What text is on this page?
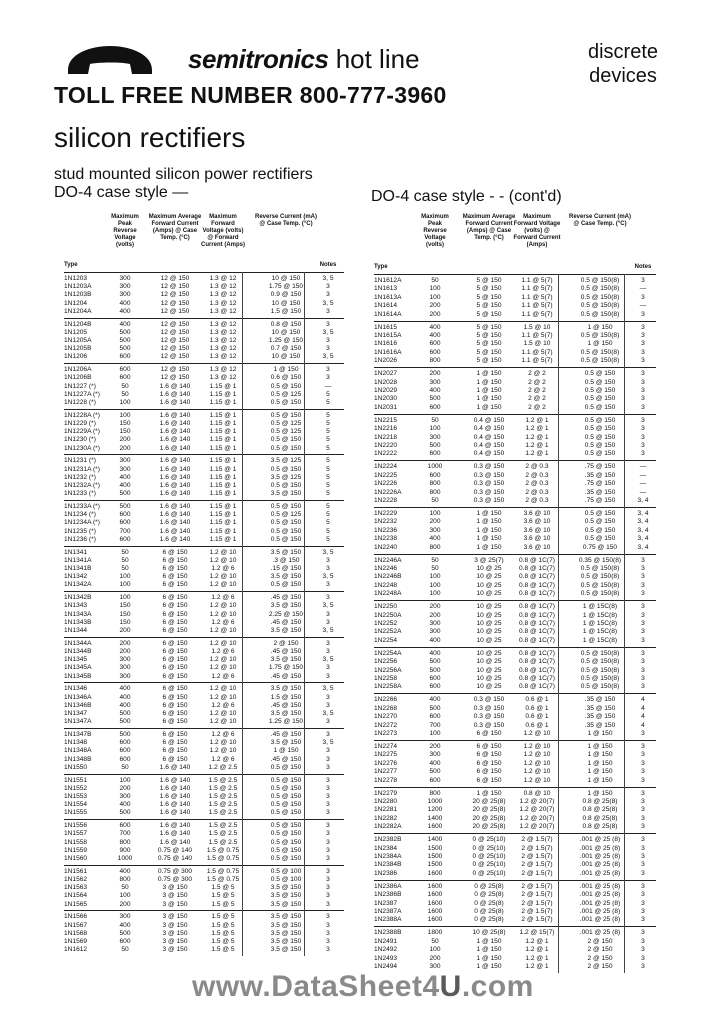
semitronics hot line
TOLL FREE NUMBER 800-777-3960
discrete
devices
silicon rectifiers
stud mounted silicon power rectifiers
DO-4 case style —	DO-4 case style - - (cont'd)
Type
Maximum Peak Reverse Voltage (volts)
Maximum Average Forward Current (Amps) @ Case Temp. (°C)
Maximum Forward Voltage (volts) @ Forward Current (Amps)
Reverse Current (mA) @ Case Temp. (°C)
Notes
1N1203	300	12 @ 150	1.3 @ 12	10 @ 150	3, 5
1N1203A	300	12 @ 150	1.3 @ 12	1.75 @ 150	3
1N1203B	300	12 @ 150	1.3 @ 12	0.9 @ 150	3
1N1204	400	12 @ 150	1.3 @ 12	10 @ 150	3, 5
1N1204A	400	12 @ 150	1.3 @ 12	1.5 @ 150	3
1N1204B	400	12 @ 150	1.3 @ 12	0.8 @ 150	3
1N1205	500	12 @ 150	1.3 @ 12	10 @ 150	3, 5
1N1205A	500	12 @ 150	1.3 @ 12	1.25 @ 150	3
1N1205B	500	12 @ 150	1.3 @ 12	0.7 @ 150	3
1N1206	600	12 @ 150	1.3 @ 12	10 @ 150	3, 5
1N1206A	600	12 @ 150	1.3 @ 12	1 @ 150	3
1N1206B	600	12 @ 150	1.3 @ 12	0.6 @ 150	3
1N1227 (*)	50	1.6 @ 140	1.15 @ 1	0.5 @ 150	—
1N1227A (*)	50	1.6 @ 140	1.15 @ 1	0.5 @ 125	5
1N1228 (*)	100	1.6 @ 140	1.15 @ 1	0.5 @ 150	5
1N1228A (*)	100	1.6 @ 140	1.15 @ 1	0.5 @ 150	5
1N1229 (*)	150	1.6 @ 140	1.15 @ 1	0.5 @ 125	5
1N1229A (*)	150	1.6 @ 140	1.15 @ 1	0.5 @ 125	5
1N1230 (*)	200	1.6 @ 140	1.15 @ 1	0.5 @ 150	5
1N1230A (*)	200	1.6 @ 140	1.15 @ 1	0.5 @ 150	5
1N1231 (*)	300	1.6 @ 140	1.15 @ 1	3.5 @ 125	5
1N1231A (*)	300	1.6 @ 140	1.15 @ 1	0.5 @ 150	5
1N1232 (*)	400	1.6 @ 140	1.15 @ 1	3.5 @ 125	5
1N1232A (*)	400	1.6 @ 140	1.15 @ 1	0.5 @ 150	5
1N1233 (*)	500	1.6 @ 140	1.15 @ 1	3.5 @ 150	5
1N1233A (*)	500	1.6 @ 140	1.15 @ 1	0.5 @ 150	5
1N1234 (*)	600	1.6 @ 140	1.15 @ 1	0.5 @ 125	5
1N1234A (*)	600	1.6 @ 140	1.15 @ 1	0.5 @ 150	5
1N1235 (*)	700	1.6 @ 140	1.15 @ 1	0.5 @ 150	5
1N1236 (*)	600	1.6 @ 140	1.15 @ 1	0.5 @ 150	5
1N1341	50	6 @ 150	1.2 @ 10	3.5 @ 150	3, 5
1N1341A	50	6 @ 150	1.2 @ 10	.3 @ 150	3
1N1341B	50	6 @ 150	1.2 @ 6	.15 @ 150	3
1N1342	100	6 @ 150	1.2 @ 10	3.5 @ 150	3, 5
1N1342A	100	6 @ 150	1.2 @ 10	0.5 @ 150	3
1N1342B	100	6 @ 150	1.2 @ 6	.45 @ 150	3
1N1343	150	6 @ 150	1.2 @ 10	3.5 @ 150	3, 5
1N1343A	150	6 @ 150	1.2 @ 10	2.25 @ 150	3
1N1343B	150	6 @ 150	1.2 @ 6	.45 @ 150	3
1N1344	200	6 @ 150	1.2 @ 10	3.5 @ 150	3, 5
1N1344A	200	6 @ 150	1.2 @ 10	2 @ 150	3
1N1344B	200	6 @ 150	1.2 @ 6	.45 @ 150	3
1N1345	300	6 @ 150	1.2 @ 10	3.5 @ 150	3, 5
1N1345A	300	6 @ 150	1.2 @ 10	1.75 @ 150	3
1N1345B	300	6 @ 150	1.2 @ 6	.45 @ 150	3
1N1346	400	6 @ 150	1.2 @ 10	3.5 @ 150	3, 5
1N1346A	400	6 @ 150	1.2 @ 10	1.5 @ 150	3
1N1346B	400	6 @ 150	1.2 @ 6	.45 @ 150	3
1N1347	500	6 @ 150	1.2 @ 10	3.5 @ 150	3, 5
1N1347A	500	6 @ 150	1.2 @ 10	1.25 @ 150	3
1N1347B	500	6 @ 150	1.2 @ 6	.45 @ 150	3
1N1348	600	6 @ 150	1.2 @ 10	3.5 @ 150	3, 5
1N1348A	600	6 @ 150	1.2 @ 10	1 @ 150	3
1N1348B	600	6 @ 150	1.2 @ 6	.45 @ 150	3
1N1550	50	1.6 @ 140	1.2 @ 2.5	0.5 @ 150	3
1N1551	100	1.6 @ 140	1.5 @ 2.5	0.5 @ 150	3
1N1552	200	1.6 @ 140	1.5 @ 2.5	0.5 @ 150	3
1N1553	300	1.6 @ 140	1.5 @ 2.5	0.5 @ 150	3
1N1554	400	1.6 @ 140	1.5 @ 2.5	0.5 @ 150	3
1N1555	500	1.6 @ 140	1.5 @ 2.5	0.5 @ 150	3
1N1556	600	1.6 @ 140	1.5 @ 2.5	0.5 @ 150	3
1N1557	700	1.6 @ 140	1.5 @ 2.5	0.5 @ 150	3
1N1558	800	1.6 @ 140	1.5 @ 2.5	0.5 @ 150	3
1N1559	900	0.75 @ 140	1.5 @ 0.75	0.5 @ 150	3
1N1560	1000	0.75 @ 140	1.5 @ 0.75	0.5 @ 150	3
1N1561	400	0.75 @ 300	1.5 @ 0.75	0.5 @ 100	3
1N1562	800	0.75 @ 300	1.5 @ 0.75	0.5 @ 100	3
1N1563	50	3 @ 150	1.5 @ 5	3.5 @ 150	3
1N1564	100	3 @ 150	1.5 @ 5	3.5 @ 150	3
1N1565	200	3 @ 150	1.5 @ 5	3.5 @ 150	3
1N1566	300	3 @ 150	1.5 @ 5	3.5 @ 150	3
1N1567	400	3 @ 150	1.5 @ 5	3.5 @ 150	3
1N1568	500	3 @ 150	1.5 @ 5	3.5 @ 150	3
1N1569	600	3 @ 150	1.5 @ 5	3.5 @ 150	3
1N1612	50	3 @ 150	1.5 @ 5	3.5 @ 150	3
Type
Maximum Peak Reverse Voltage (volts)
Maximum Average Forward Current (Amps) @ Case Temp. (°C)
Maximum Forward Voltage (volts) @ Forward Current (Amps)
Reverse Current (mA) @ Case Temp. (°C)
Notes
1N1612A	50	5 @ 150	1.1 @ 5(7)	0.5 @ 150(8)	3
1N1613	100	5 @ 150	1.1 @ 5(7)	0.5 @ 150(8)	—
1N1613A	100	5 @ 150	1.1 @ 5(7)	0.5 @ 150(8)	3
1N1614	200	5 @ 150	1.1 @ 5(7)	0.5 @ 150(8)	—
1N1614A	200	5 @ 150	1.1 @ 5(7)	0.5 @ 150(8)	3
1N1615	400	5 @ 150	1.5 @ 10	1 @ 150	3
1N1615A	400	5 @ 150	1.1 @ 5(7)	0.5 @ 150(8)	3
1N1616	600	5 @ 150	1.5 @ 10	1 @ 150	3
1N1616A	600	5 @ 150	1.1 @ 5(7)	0.5 @ 150(8)	3
1N2026	800	5 @ 150	1.1 @ 5(7)	0.5 @ 150(8)	3
1N2027	200	1 @ 150	2 @ 2	0.5 @ 150	3
1N2028	300	1 @ 150	2 @ 2	0.5 @ 150	3
1N2029	400	1 @ 150	2 @ 2	0.5 @ 150	3
1N2030	500	1 @ 150	2 @ 2	0.5 @ 150	3
1N2031	600	1 @ 150	2 @ 2	0.5 @ 150	3
1N2215	50	0.4 @ 150	1.2 @ 1	0.5 @ 150	3
1N2216	100	0.4 @ 150	1.2 @ 1	0.5 @ 150	3
1N2218	300	0.4 @ 150	1.2 @ 1	0.5 @ 150	3
1N2220	500	0.4 @ 150	1.2 @ 1	0.5 @ 150	3
1N2222	600	0.4 @ 150	1.2 @ 1	0.5 @ 150	3
1N2224	1000	0.3 @ 150	2 @ 0.3	.75 @ 150	—
1N2225	600	0.3 @ 150	2 @ 0.3	.35 @ 150	—
1N2226	800	0.3 @ 150	2 @ 0.3	.75 @ 150	—
1N2226A	800	0.3 @ 150	2 @ 0.3	.35 @ 150	—
1N2228	50	0.3 @ 150	2 @ 0.3	.75 @ 150	3, 4
1N2229	100	1 @ 150	3.6 @ 10	0.5 @ 150	3, 4
1N2232	200	1 @ 150	3.6 @ 10	0.5 @ 150	3, 4
1N2236	300	1 @ 150	3.6 @ 10	0.5 @ 150	3, 4
1N2238	400	1 @ 150	3.6 @ 10	0.5 @ 150	3, 4
1N2240	800	1 @ 150	3.6 @ 10	0.75 @ 150	3, 4
1N2246A	50	3 @ 25(7)	0.8 @ 1C(7)	0.35 @ 150(8)	3
1N2246	50	10 @ 25	0.8 @ 1C(7)	0.5 @ 150(8)	3
1N2246B	100	10 @ 25	0.8 @ 1C(7)	0.5 @ 150(8)	3
1N2248	100	10 @ 25	0.8 @ 1C(7)	0.5 @ 150(8)	3
1N2248A	100	10 @ 25	0.8 @ 1C(7)	0.5 @ 150(8)	3
1N2250	200	10 @ 25	0.8 @ 1C(7)	1 @ 15C(8)	3
1N2250A	200	10 @ 25	0.8 @ 1C(7)	1 @ 15C(8)	3
1N2252	300	10 @ 25	0.8 @ 1C(7)	1 @ 15C(8)	3
1N2252A	300	10 @ 25	0.8 @ 1C(7)	1 @ 15C(8)	3
1N2254	400	10 @ 25	0.8 @ 1C(7)	1 @ 15C(8)	3
1N2254A	400	10 @ 25	0.8 @ 1C(7)	0.5 @ 150(8)	3
1N2256	500	10 @ 25	0.8 @ 1C(7)	0.5 @ 150(8)	3
1N2256A	500	10 @ 25	0.8 @ 1C(7)	0.5 @ 150(8)	3
1N2258	600	10 @ 25	0.8 @ 1C(7)	0.5 @ 150(8)	3
1N2258A	600	10 @ 25	0.8 @ 1C(7)	0.5 @ 150(8)	3
1N2266	400	0.3 @ 150	0.6 @ 1	.35 @ 150	4
1N2268	500	0.3 @ 150	0.6 @ 1	.35 @ 150	4
1N2270	600	0.3 @ 150	0.6 @ 1	.35 @ 150	4
1N2272	700	0.3 @ 150	0.6 @ 1	.35 @ 150	4
1N2273	100	6 @ 150	1.2 @ 10	1 @ 150	3
1N2274	200	6 @ 150	1.2 @ 10	1 @ 150	3
1N2275	300	6 @ 150	1.2 @ 10	1 @ 150	3
1N2276	400	6 @ 150	1.2 @ 10	1 @ 150	3
1N2277	500	6 @ 150	1.2 @ 10	1 @ 150	3
1N2278	600	6 @ 150	1.2 @ 10	1 @ 150	3
1N2279	800	1 @ 150	0.8 @ 10	1 @ 150	3
1N2280	1000	20 @ 25(8)	1.2 @ 20(7)	0.8 @ 25(8)	3
1N2281	1200	20 @ 25(8)	1.2 @ 20(7)	0.8 @ 25(8)	3
1N2282	1400	20 @ 25(8)	1.2 @ 20(7)	0.8 @ 25(8)	3
1N2282A	1600	20 @ 25(8)	1.2 @ 20(7)	0.8 @ 25(8)	3
1N2382B	1400	0 @ 25(10)	2 @ 1.5(7)	.001 @ 25 (8)	3
1N2384	1500	0 @ 25(10)	2 @ 1.5(7)	.001 @ 25 (8)	3
1N2384A	1500	0 @ 25(10)	2 @ 1.5(7)	.001 @ 25 (8)	3
1N2384B	1500	0 @ 25(10)	2 @ 1.5(7)	.001 @ 25 (8)	3
1N2386	1600	0 @ 25(10)	2 @ 1.5(7)	.001 @ 25 (8)	3
1N2386A	1600	0 @ 25(8)	2 @ 1.5(7)	.001 @ 25 (8)	3
1N2386B	1600	0 @ 25(8)	2 @ 1.5(7)	.001 @ 25 (8)	3
1N2387	1600	0 @ 25(8)	2 @ 1.5(7)	.001 @ 25 (8)	3
1N2387A	1600	0 @ 25(8)	2 @ 1.5(7)	.001 @ 25 (8)	3
1N2388A	1600	0 @ 25(8)	2 @ 1.5(7)	.001 @ 25 (8)	3
1N2388B	1800	10 @ 25(8)	1.2 @ 15(7)	.001 @ 25 (8)	3
1N2491	50	1 @ 150	1.2 @ 1	2 @ 150	3
1N2492	100	1 @ 150	1.2 @ 1	2 @ 150	3
1N2493	200	1 @ 150	1.2 @ 1	2 @ 150	3
1N2494	300	1 @ 150	1.2 @ 1	2 @ 150	3
www.DataSheet4U.com
